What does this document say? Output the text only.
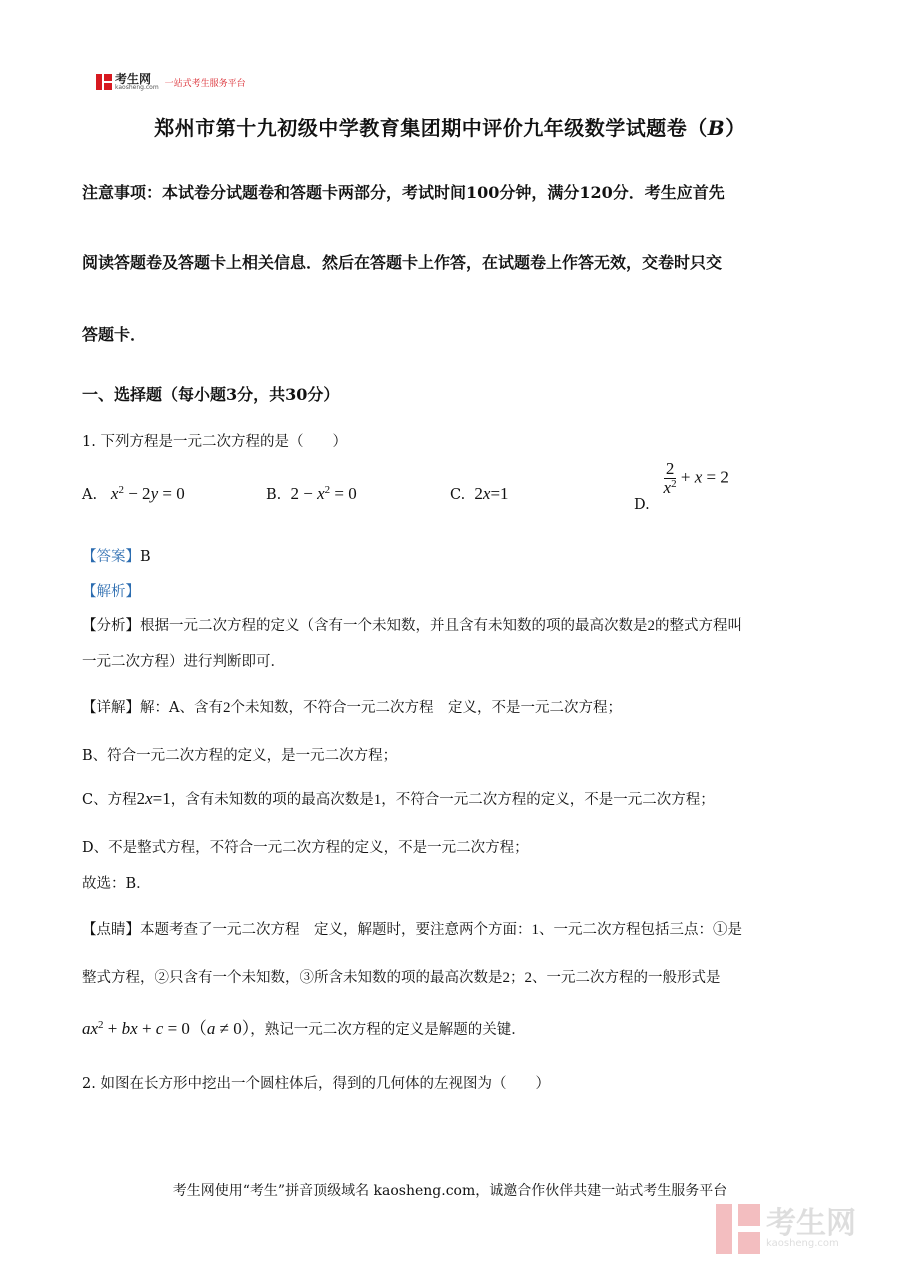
考生网
kaosheng.com 一站式考生服务平台
郑州市第十九初级中学教育集团期中评价九年级数学试题卷（B）
注意事项：本试卷分试题卷和答题卡两部分，考试时间100分钟，满分120分．考生应首先
阅读答题卷及答题卡上相关信息．然后在答题卡上作答，在试题卷上作答无效，交卷时只交
答题卡．
一、选择题（每小题3分，共30分）
1. 下列方程是一元二次方程的是（　　）
A. $x^2 - 2y = 0$	B. $2 - x^2 = 0$	C. 2x=1
D.
$\frac{2}{x^2} + x = 2$
【答案】B
【解析】
【分析】根据一元二次方程的定义（含有一个未知数，并且含有未知数的项的最高次数是2的整式方程叫
一元二次方程）进行判断即可．
【详解】解：A、含有2个未知数，不符合一元二次方程　定义，不是一元二次方程；
B、符合一元二次方程的定义，是一元二次方程；
C、方程2x=1，含有未知数的项的最高次数是1，不符合一元二次方程的定义，不是一元二次方程；
D、不是整式方程，不符合一元二次方程的定义，不是一元二次方程；
故选：B．
【点睛】本题考查了一元二次方程　定义，解题时，要注意两个方面：1、一元二次方程包括三点：①是
整式方程，②只含有一个未知数，③所含未知数的项的最高次数是2；2、一元二次方程的一般形式是
$ax^2$ + bx + c = 0（a ≠ 0），熟记一元二次方程的定义是解题的关键．
2. 如图在长方形中挖出一个圆柱体后，得到的几何体的左视图为（　　）
考生网使用“考生”拼音顶级域名 kaosheng.com，诚邀合作伙伴共建一站式考生服务平台
考生网
kaosheng.com
